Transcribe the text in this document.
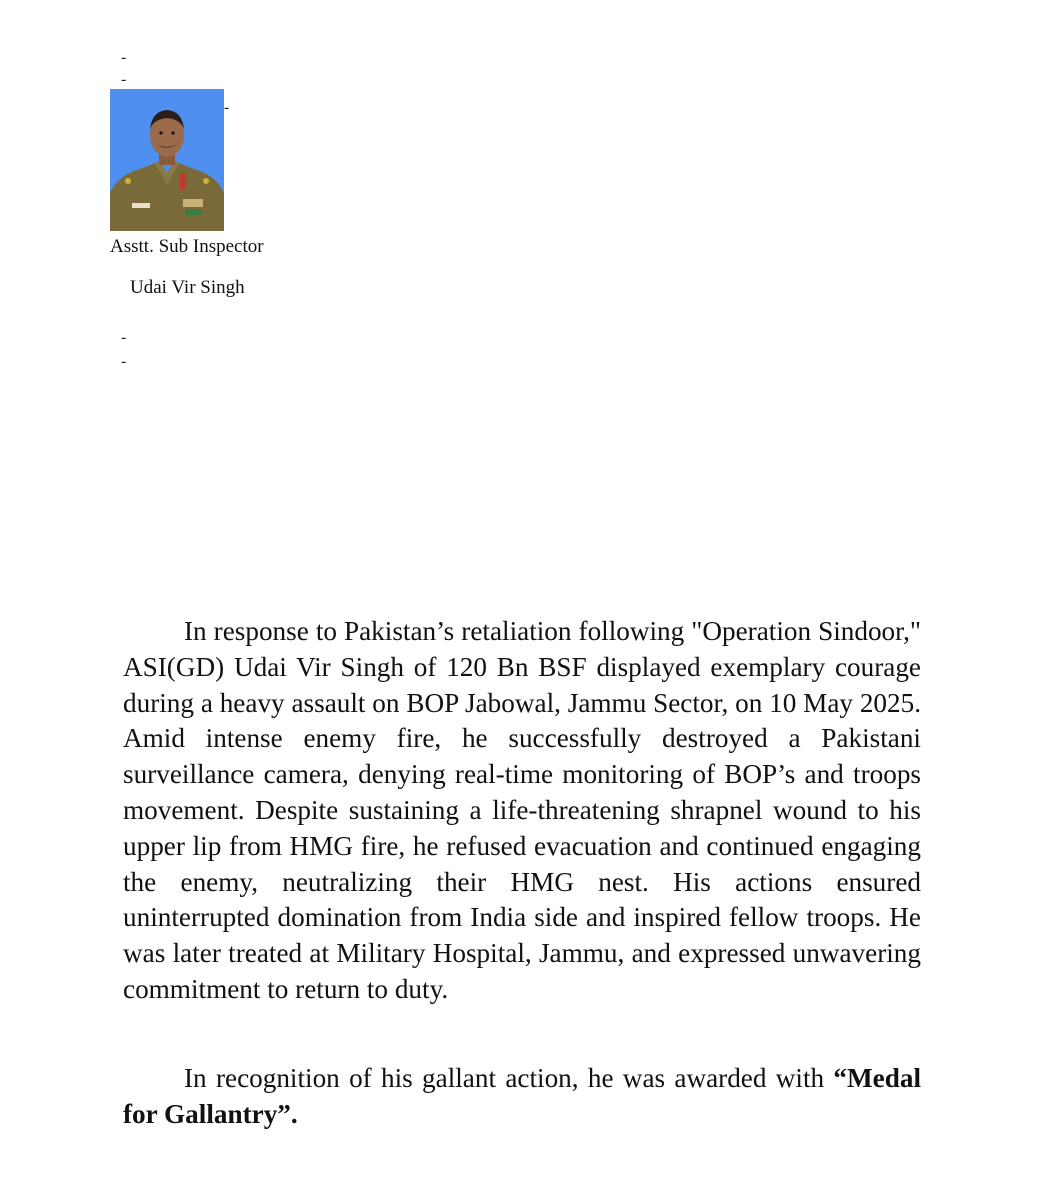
-
-
-
Asstt. Sub Inspector
Udai Vir Singh
-
-

In response to Pakistan’s retaliation following "Operation Sindoor," ASI(GD) Udai Vir Singh of 120 Bn BSF displayed exemplary courage during a heavy assault on BOP Jabowal, Jammu Sector, on 10 May 2025. Amid intense enemy fire, he successfully destroyed a Pakistani surveillance camera, denying real-time monitoring of BOP’s and troops movement. Despite sustaining a life-threatening shrapnel wound to his upper lip from HMG fire, he refused evacuation and continued engaging the enemy, neutralizing their HMG nest. His actions ensured uninterrupted domination from India side and inspired fellow troops. He was later treated at Military Hospital, Jammu, and expressed unwavering commitment to return to duty.

In recognition of his gallant action, he was awarded with “Medal for Gallantry”.
